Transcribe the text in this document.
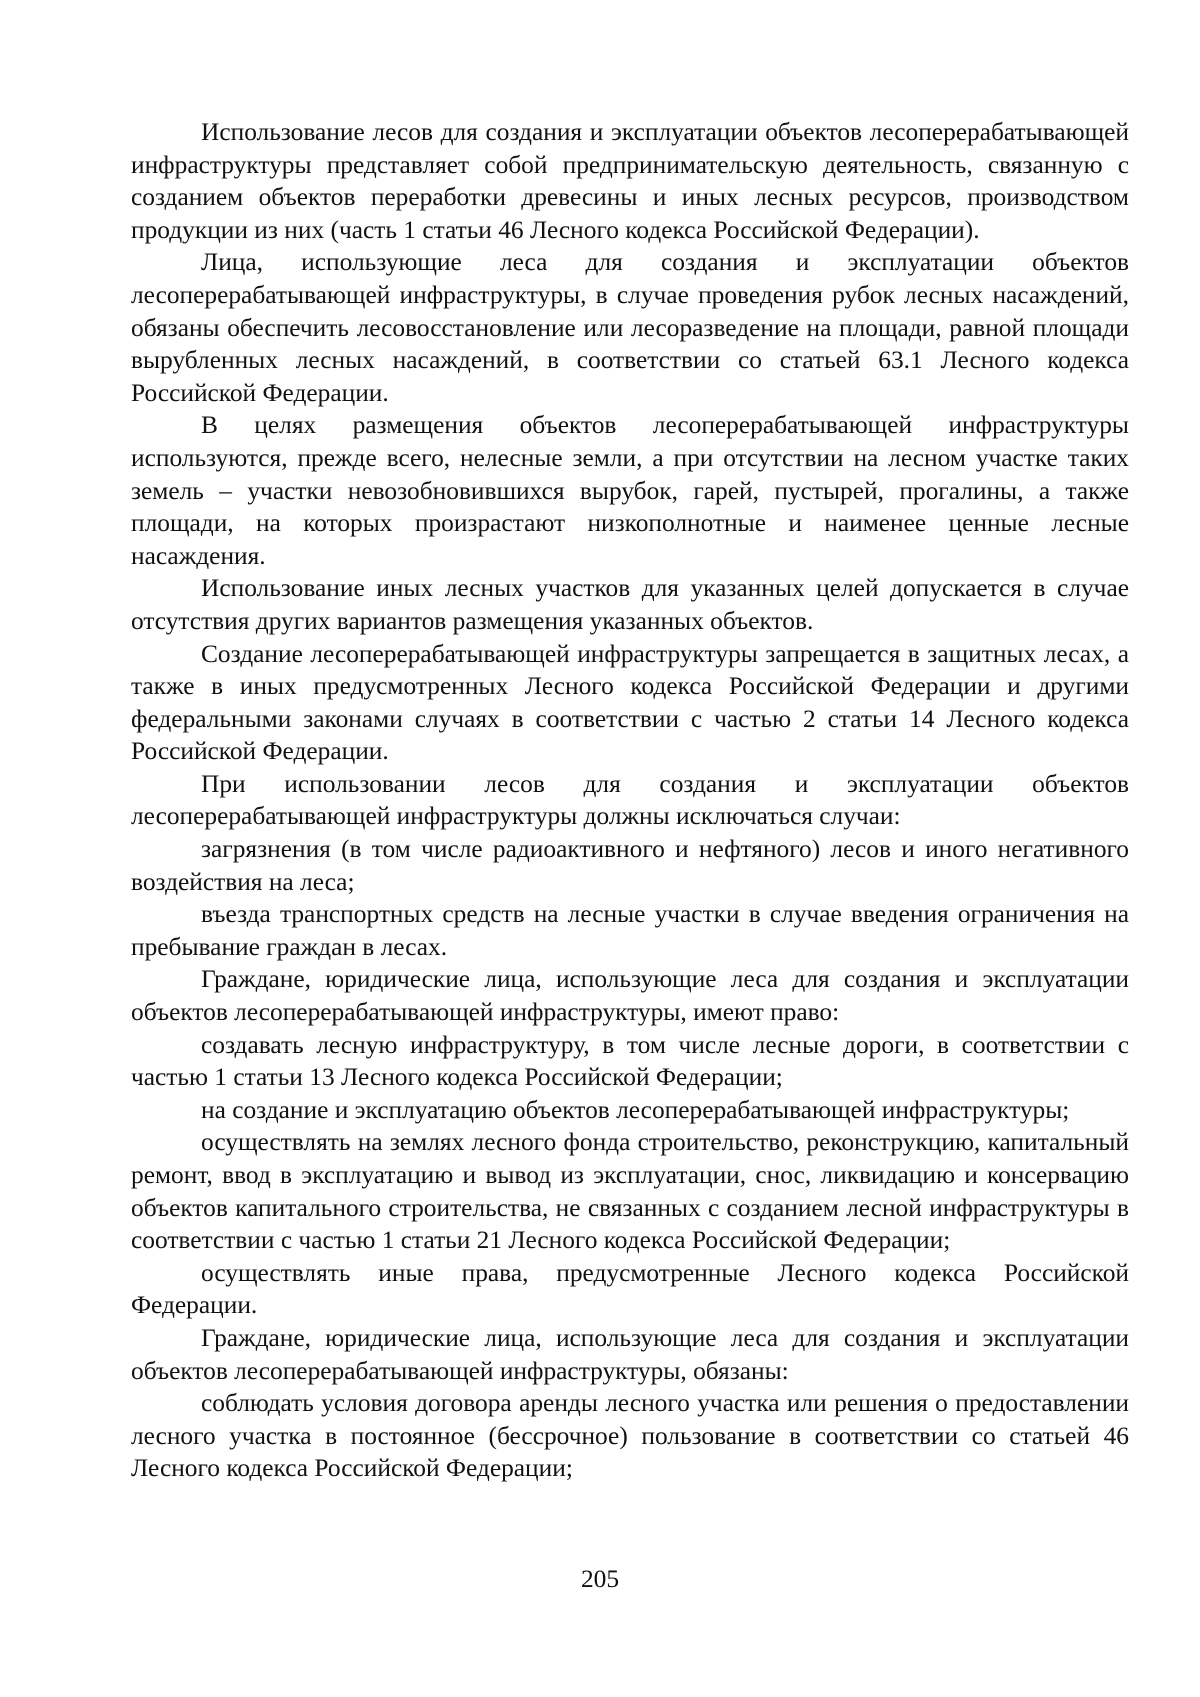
Использование лесов для создания и эксплуатации объектов лесоперерабатывающей инфраструктуры представляет собой предпринимательскую деятельность, связанную с созданием объектов переработки древесины и иных лесных ресурсов, производством продукции из них (часть 1 статьи 46 Лесного кодекса Российской Федерации).

Лица, использующие леса для создания и эксплуатации объектов лесоперерабатывающей инфраструктуры, в случае проведения рубок лесных насаждений, обязаны обеспечить лесовосстановление или лесоразведение на площади, равной площади вырубленных лесных насаждений, в соответствии со статьей 63.1 Лесного кодекса Российской Федерации.

В целях размещения объектов лесоперерабатывающей инфраструктуры используются, прежде всего, нелесные земли, а при отсутствии на лесном участке таких земель – участки невозобновившихся вырубок, гарей, пустырей, прогалины, а также площади, на которых произрастают низкополнотные и наименее ценные лесные насаждения.

Использование иных лесных участков для указанных целей допускается в случае отсутствия других вариантов размещения указанных объектов.

Создание лесоперерабатывающей инфраструктуры запрещается в защитных лесах, а также в иных предусмотренных Лесного кодекса Российской Федерации и другими федеральными законами случаях в соответствии с частью 2 статьи 14 Лесного кодекса Российской Федерации.

При использовании лесов для создания и эксплуатации объектов лесоперерабатывающей инфраструктуры должны исключаться случаи:

загрязнения (в том числе радиоактивного и нефтяного) лесов и иного негативного воздействия на леса;

въезда транспортных средств на лесные участки в случае введения ограничения на пребывание граждан в лесах.

Граждане, юридические лица, использующие леса для создания и эксплуатации объектов лесоперерабатывающей инфраструктуры, имеют право:

создавать лесную инфраструктуру, в том числе лесные дороги, в соответствии с частью 1 статьи 13 Лесного кодекса Российской Федерации;

на создание и эксплуатацию объектов лесоперерабатывающей инфраструктуры;

осуществлять на землях лесного фонда строительство, реконструкцию, капитальный ремонт, ввод в эксплуатацию и вывод из эксплуатации, снос, ликвидацию и консервацию объектов капитального строительства, не связанных с созданием лесной инфраструктуры в соответствии с частью 1 статьи 21 Лесного кодекса Российской Федерации;

осуществлять иные права, предусмотренные Лесного кодекса Российской Федерации.

Граждане, юридические лица, использующие леса для создания и эксплуатации объектов лесоперерабатывающей инфраструктуры, обязаны:

соблюдать условия договора аренды лесного участка или решения о предоставлении лесного участка в постоянное (бессрочное) пользование в соответствии со статьей 46 Лесного кодекса Российской Федерации;

205
